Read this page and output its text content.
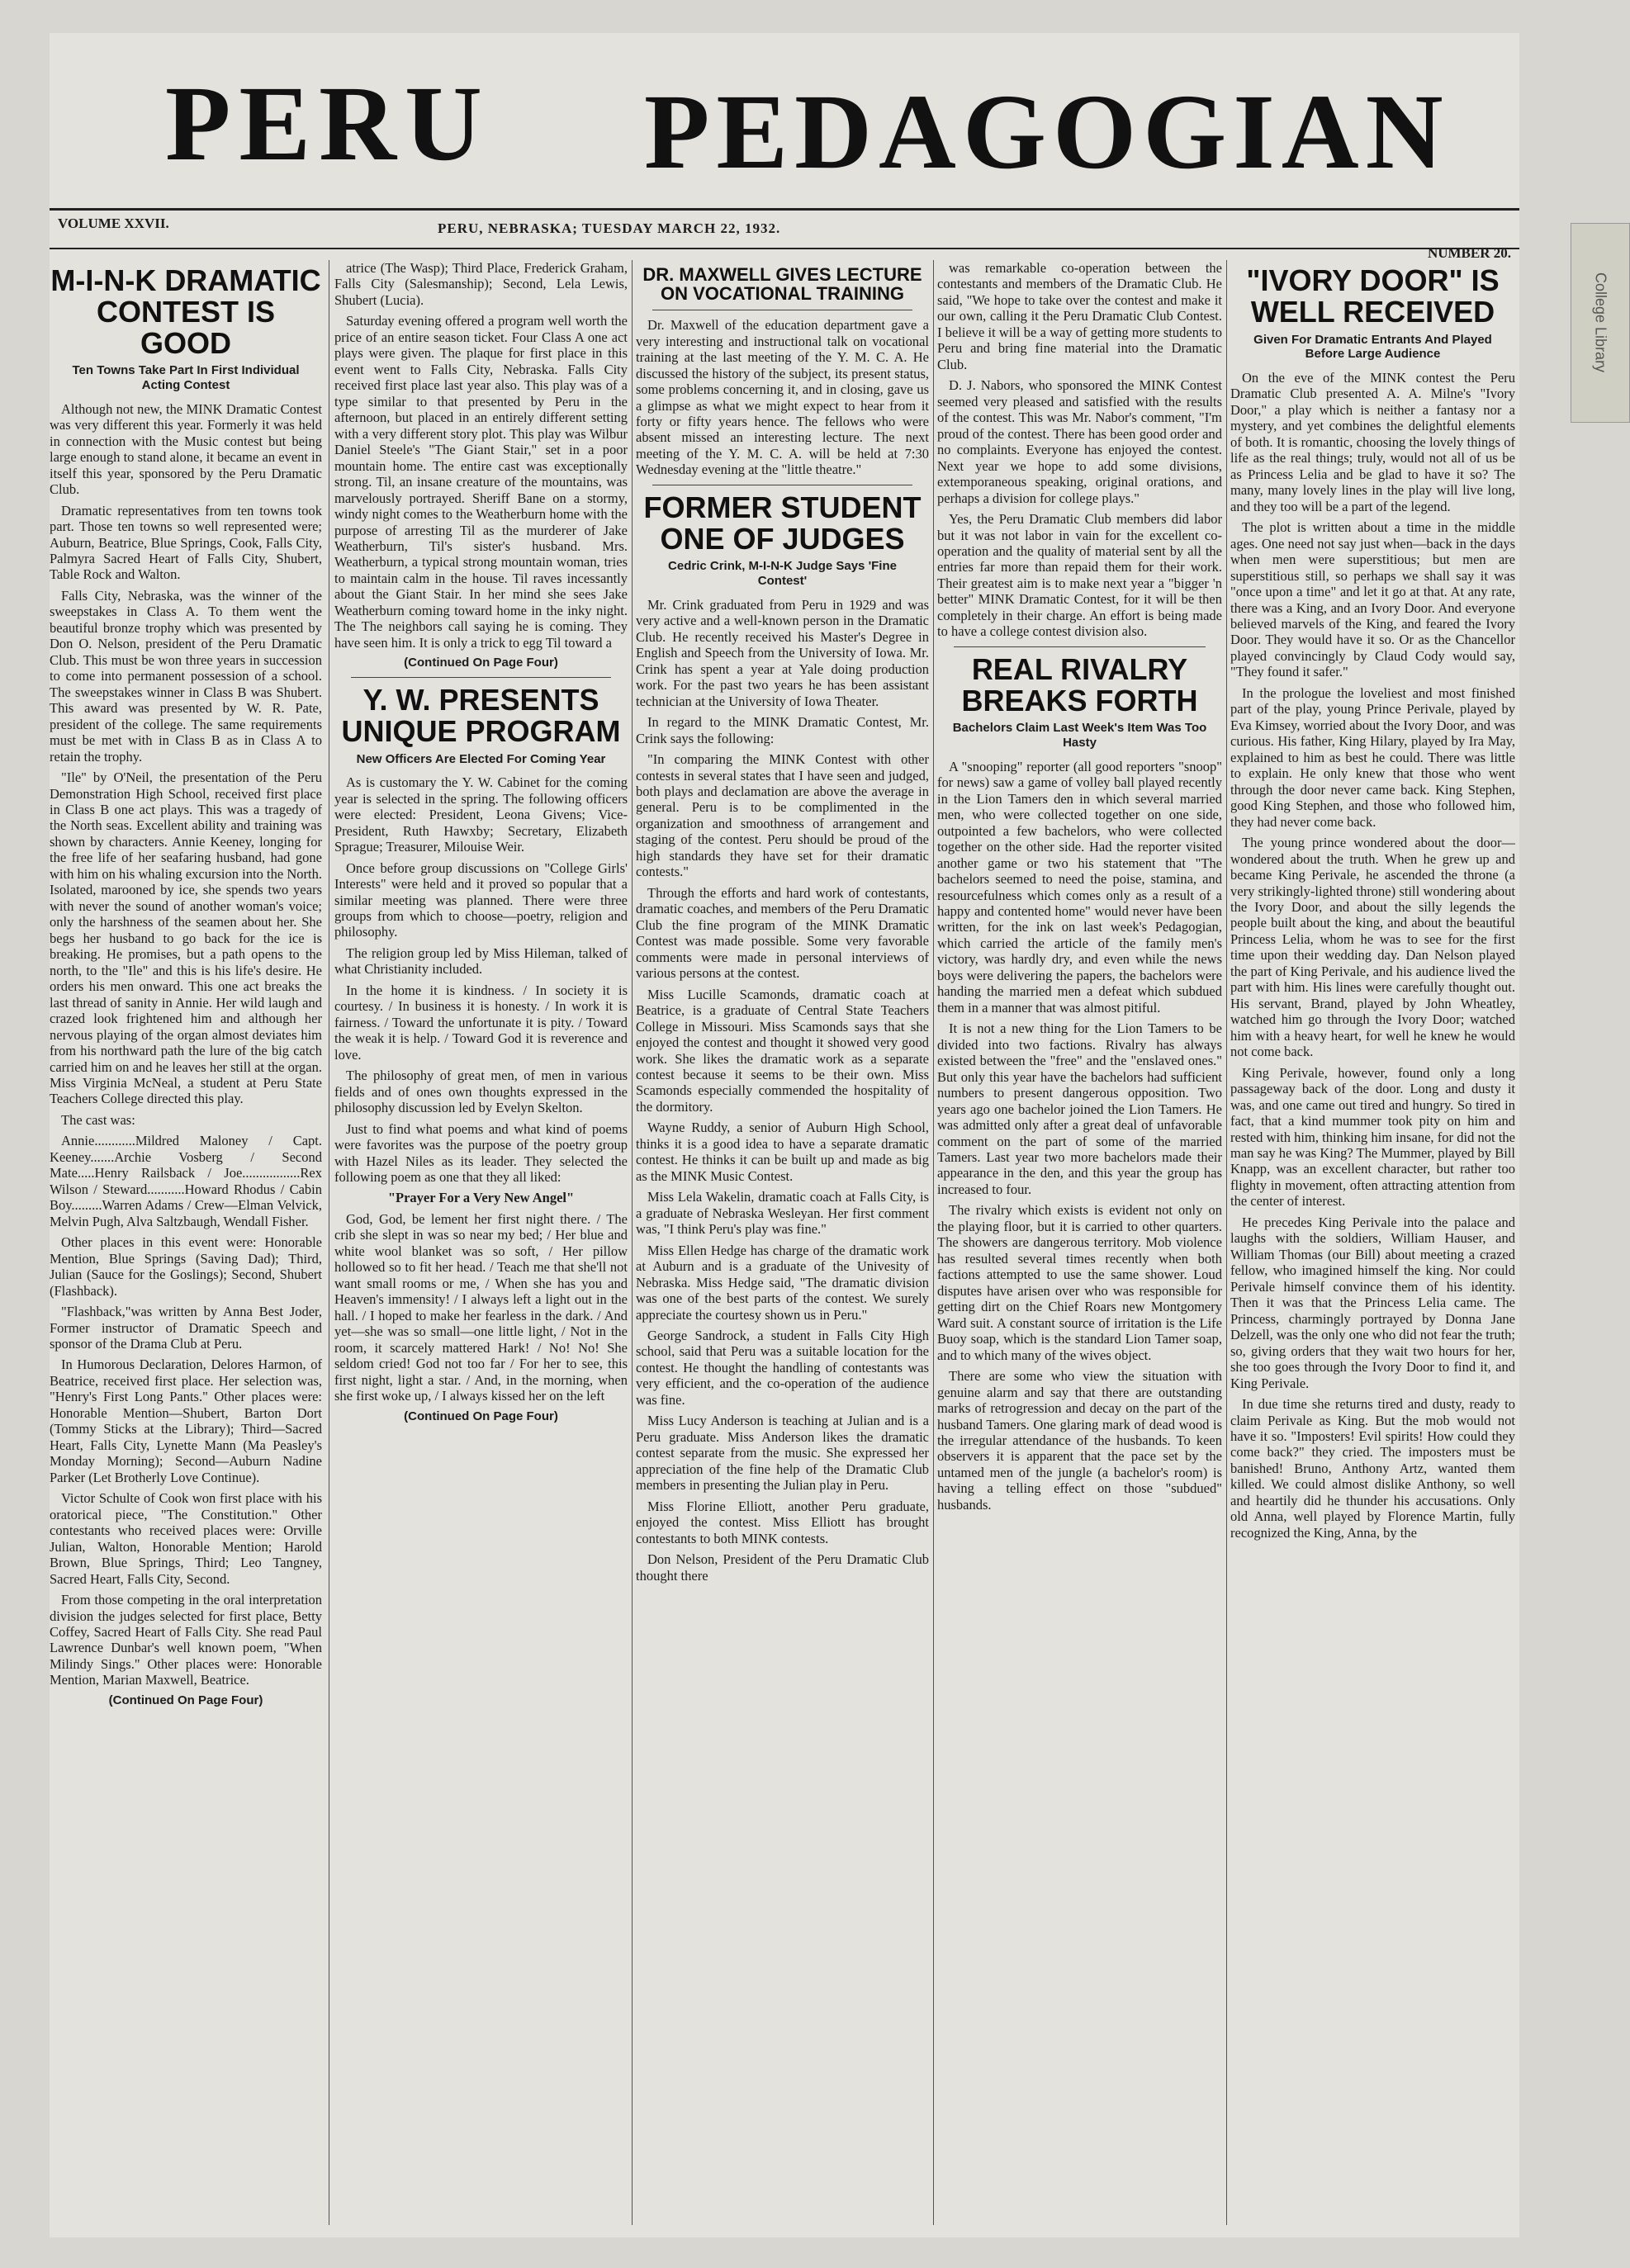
PERU PEDAGOGIAN
College Library
VOLUME XXVII.	PERU, NEBRASKA; TUESDAY MARCH 22, 1932.
NUMBER 20.
M-I-N-K DRAMATIC CONTEST IS GOOD
Ten Towns Take Part In First Individual Acting Contest

Although not new, the MINK Dramatic Contest was very different this year. Formerly it was held in connection with the Music contest but being large enough to stand alone, it became an event in itself this year, sponsored by the Peru Dramatic Club.

Dramatic representatives from ten towns took part. Those ten towns so well represented were; Auburn, Beatrice, Blue Springs, Cook, Falls City, Palmyra Sacred Heart of Falls City, Shubert, Table Rock and Walton.

Falls City, Nebraska, was the winner of the sweepstakes in Class A. To them went the beautiful bronze trophy which was presented by Don O. Nelson, president of the Peru Dramatic Club. This must be won three years in succession to come into permanent possession of a school. The sweepstakes winner in Class B was Shubert. This award was presented by W. R. Pate, president of the college. The same requirements must be met with in Class B as in Class A to retain the trophy.

"Ile" by O'Neil, the presentation of the Peru Demonstration High School, received first place in Class B one act plays. This was a tragedy of the North seas. Excellent ability and training was shown by characters. Annie Keeney, longing for the free life of her seafaring husband, had gone with him on his whaling excursion into the North. Isolated, marooned by ice, she spends two years with never the sound of another woman's voice; only the harshness of the seamen about her. She begs her husband to go back for the ice is breaking. He promises, but a path opens to the north, to the "Ile" and this is his life's desire. He orders his men onward. This one act breaks the last thread of sanity in Annie. Her wild laugh and crazed look frightened him and although her nervous playing of the organ almost deviates him from his northward path the lure of the big catch carried him on and he leaves her still at the organ. Miss Virginia McNeal, a student at Peru State Teachers College directed this play.

The cast was:

Annie............Mildred Maloney / Capt. Keeney.......Archie Vosberg / Second Mate.....Henry Railsback / Joe.................Rex Wilson / Steward...........Howard Rhodus / Cabin Boy.........Warren Adams / Crew—Elman Velvick, Melvin Pugh, Alva Saltzbaugh, Wendall Fisher.

Other places in this event were: Honorable Mention, Blue Springs (Saving Dad); Third, Julian (Sauce for the Goslings); Second, Shubert (Flashback).

"Flashback,"was written by Anna Best Joder, Former instructor of Dramatic Speech and sponsor of the Drama Club at Peru.

In Humorous Declaration, Delores Harmon, of Beatrice, received first place. Her selection was, "Henry's First Long Pants." Other places were: Honorable Mention—Shubert, Barton Dort (Tommy Sticks at the Library); Third—Sacred Heart, Falls City, Lynette Mann (Ma Peasley's Monday Morning); Second—Auburn Nadine Parker (Let Brotherly Love Continue).

Victor Schulte of Cook won first place with his oratorical piece, "The Constitution." Other contestants who received places were: Orville Julian, Walton, Honorable Mention; Harold Brown, Blue Springs, Third; Leo Tangney, Sacred Heart, Falls City, Second.

From those competing in the oral interpretation division the judges selected for first place, Betty Coffey, Sacred Heart of Falls City. She read Paul Lawrence Dunbar's well known poem, "When Milindy Sings." Other places were: Honorable Mention, Marian Maxwell, Beatrice.

(Continued On Page Four)

atrice (The Wasp); Third Place, Frederick Graham, Falls City (Salesmanship); Second, Lela Lewis, Shubert (Lucia).

Saturday evening offered a program well worth the price of an entire season ticket. Four Class A one act plays were given. The plaque for first place in this event went to Falls City, Nebraska. Falls City received first place last year also. This play was of a type similar to that presented by Peru in the afternoon, but placed in an entirely different setting with a very different story plot. This play was Wilbur Daniel Steele's "The Giant Stair," set in a poor mountain home. The entire cast was exceptionally strong. Til, an insane creature of the mountains, was marvelously portrayed. Sheriff Bane on a stormy, windy night comes to the Weatherburn home with the purpose of arresting Til as the murderer of Jake Weatherburn, Til's sister's husband. Mrs. Weatherburn, a typical strong mountain woman, tries to maintain calm in the house. Til raves incessantly about the Giant Stair. In her mind she sees Jake Weatherburn coming toward home in the inky night. The The neighbors call saying he is coming. They have seen him. It is only a trick to egg Til toward a

(Continued On Page Four)
Y. W. PRESENTS UNIQUE PROGRAM
New Officers Are Elected For Coming Year

As is customary the Y. W. Cabinet for the coming year is selected in the spring. The following officers were elected: President, Leona Givens; Vice-President, Ruth Hawxby; Secretary, Elizabeth Sprague; Treasurer, Milouise Weir.

Once before group discussions on "College Girls' Interests" were held and it proved so popular that a similar meeting was planned. There were three groups from which to choose—poetry, religion and philosophy.

The religion group led by Miss Hileman, talked of what Christianity included.

In the home it is kindness. / In society it is courtesy. / In business it is honesty. / In work it is fairness. / Toward the unfortunate it is pity. / Toward the weak it is help. / Toward God it is reverence and love.

The philosophy of great men, of men in various fields and of ones own thoughts expressed in the philosophy discussion led by Evelyn Skelton.

Just to find what poems and what kind of poems were favorites was the purpose of the poetry group with Hazel Niles as its leader. They selected the following poem as one that they all liked:

"Prayer For a Very New Angel"

God, God, be lement her first night there. / The crib she slept in was so near my bed; / Her blue and white wool blanket was so soft, / Her pillow hollowed so to fit her head. / Teach me that she'll not want small rooms or me, / When she has you and Heaven's immensity! / I always left a light out in the hall. / I hoped to make her fearless in the dark. / And yet—she was so small—one little light, / Not in the room, it scarcely mattered Hark! / No! No! She seldom cried! God not too far / For her to see, this first night, light a star. / And, in the morning, when she first woke up, / I always kissed her on the left

(Continued On Page Four)
DR. MAXWELL GIVES LECTURE ON VOCATIONAL TRAINING

Dr. Maxwell of the education department gave a very interesting and instructional talk on vocational training at the last meeting of the Y. M. C. A. He discussed the history of the subject, its present status, some problems concerning it, and in closing, gave us a glimpse as what we might expect to hear from it forty or fifty years hence. The fellows who were absent missed an interesting lecture. The next meeting of the Y. M. C. A. will be held at 7:30 Wednesday evening at the "little theatre."

FORMER STUDENT ONE OF JUDGES
Cedric Crink, M-I-N-K Judge Says 'Fine Contest'

Mr. Crink graduated from Peru in 1929 and was very active and a well-known person in the Dramatic Club. He recently received his Master's Degree in English and Speech from the University of Iowa. Mr. Crink has spent a year at Yale doing production work. For the past two years he has been assistant technician at the University of Iowa Theater.

In regard to the MINK Dramatic Contest, Mr. Crink says the following:

"In comparing the MINK Contest with other contests in several states that I have seen and judged, both plays and declamation are above the average in general. Peru is to be complimented in the organization and smoothness of arrangement and staging of the contest. Peru should be proud of the high standards they have set for their dramatic contests."

Through the efforts and hard work of contestants, dramatic coaches, and members of the Peru Dramatic Club the fine program of the MINK Dramatic Contest was made possible. Some very favorable comments were made in personal interviews of various persons at the contest.

Miss Lucille Scamonds, dramatic coach at Beatrice, is a graduate of Central State Teachers College in Missouri. Miss Scamonds says that she enjoyed the contest and thought it showed very good work. She likes the dramatic work as a separate contest because it seems to be their own. Miss Scamonds especially commended the hospitality of the dormitory.

Wayne Ruddy, a senior of Auburn High School, thinks it is a good idea to have a separate dramatic contest. He thinks it can be built up and made as big as the MINK Music Contest.

Miss Lela Wakelin, dramatic coach at Falls City, is a graduate of Nebraska Wesleyan. Her first comment was, "I think Peru's play was fine."

Miss Ellen Hedge has charge of the dramatic work at Auburn and is a graduate of the Univesity of Nebraska. Miss Hedge said, "The dramatic division was one of the best parts of the contest. We surely appreciate the courtesy shown us in Peru."

George Sandrock, a student in Falls City High school, said that Peru was a suitable location for the contest. He thought the handling of contestants was very efficient, and the co-operation of the audience was fine.

Miss Lucy Anderson is teaching at Julian and is a Peru graduate. Miss Anderson likes the dramatic contest separate from the music. She expressed her appreciation of the fine help of the Dramatic Club members in presenting the Julian play in Peru.

Miss Florine Elliott, another Peru graduate, enjoyed the contest. Miss Elliott has brought contestants to both MINK contests.

Don Nelson, President of the Peru Dramatic Club thought there

was remarkable co-operation between the contestants and members of the Dramatic Club. He said, "We hope to take over the contest and make it our own, calling it the Peru Dramatic Club Contest. I believe it will be a way of getting more students to Peru and bring fine material into the Dramatic Club.

D. J. Nabors, who sponsored the MINK Contest seemed very pleased and satisfied with the results of the contest. This was Mr. Nabor's comment, "I'm proud of the contest. There has been good order and no complaints. Everyone has enjoyed the contest. Next year we hope to add some divisions, extemporaneous speaking, original orations, and perhaps a division for college plays."

Yes, the Peru Dramatic Club members did labor but it was not labor in vain for the excellent co-operation and the quality of material sent by all the entries far more than repaid them for their work. Their greatest aim is to make next year a "bigger 'n better" MINK Dramatic Contest, for it will be then completely in their charge. An effort is being made to have a college contest division also.

REAL RIVALRY BREAKS FORTH
Bachelors Claim Last Week's Item Was Too Hasty

A "snooping" reporter (all good reporters "snoop" for news) saw a game of volley ball played recently in the Lion Tamers den in which several married men, who were collected together on one side, outpointed a few bachelors, who were collected together on the other side. Had the reporter visited another game or two his statement that "The bachelors seemed to need the poise, stamina, and resourcefulness which comes only as a result of a happy and contented home" would never have been written, for the ink on last week's Pedagogian, which carried the article of the family men's victory, was hardly dry, and even while the news boys were delivering the papers, the bachelors were handing the married men a defeat which subdued them in a manner that was almost pitiful.

It is not a new thing for the Lion Tamers to be divided into two factions. Rivalry has always existed between the "free" and the "enslaved ones." But only this year have the bachelors had sufficient numbers to present dangerous opposition. Two years ago one bachelor joined the Lion Tamers. He was admitted only after a great deal of unfavorable comment on the part of some of the married Tamers. Last year two more bachelors made their appearance in the den, and this year the group has increased to four.

The rivalry which exists is evident not only on the playing floor, but it is carried to other quarters. The showers are dangerous territory. Mob violence has resulted several times recently when both factions attempted to use the same shower. Loud disputes have arisen over who was responsible for getting dirt on the Chief Roars new Montgomery Ward suit. A constant source of irritation is the Life Buoy soap, which is the standard Lion Tamer soap, and to which many of the wives object.

There are some who view the situation with genuine alarm and say that there are outstanding marks of retrogression and decay on the part of the husband Tamers. One glaring mark of dead wood is the irregular attendance of the husbands. To keen observers it is apparent that the pace set by the untamed men of the jungle (a bachelor's room) is having a telling effect on those "subdued" husbands.

"IVORY DOOR" IS WELL RECEIVED
Given For Dramatic Entrants And Played Before Large Audience

On the eve of the MINK contest the Peru Dramatic Club presented A. A. Milne's "Ivory Door," a play which is neither a fantasy nor a mystery, and yet combines the delightful elements of both. It is romantic, choosing the lovely things of life as the real things; truly, would not all of us be as Princess Lelia and be glad to have it so? The many, many lovely lines in the play will live long, and they too will be a part of the legend.

The plot is written about a time in the middle ages. One need not say just when—back in the days when men were superstitious; but men are superstitious still, so perhaps we shall say it was "once upon a time" and let it go at that. At any rate, there was a King, and an Ivory Door. And everyone believed marvels of the King, and feared the Ivory Door. They would have it so. Or as the Chancellor played convincingly by Claud Cody would say, "They found it safer."

In the prologue the loveliest and most finished part of the play, young Prince Perivale, played by Eva Kimsey, worried about the Ivory Door, and was curious. His father, King Hilary, played by Ira May, explained to him as best he could. There was little to explain. He only knew that those who went through the door never came back. King Stephen, good King Stephen, and those who followed him, they had never come back.

The young prince wondered about the door—wondered about the truth. When he grew up and became King Perivale, he ascended the throne (a very strikingly-lighted throne) still wondering about the Ivory Door, and about the silly legends the people built about the king, and about the beautiful Princess Lelia, whom he was to see for the first time upon their wedding day. Dan Nelson played the part of King Perivale, and his audience lived the part with him. His lines were carefully thought out. His servant, Brand, played by John Wheatley, watched him go through the Ivory Door; watched him with a heavy heart, for well he knew he would not come back.

King Perivale, however, found only a long passageway back of the door. Long and dusty it was, and one came out tired and hungry. So tired in fact, that a kind mummer took pity on him and rested with him, thinking him insane, for did not the man say he was King? The Mummer, played by Bill Knapp, was an excellent character, but rather too flighty in movement, often attracting attention from the center of interest.

He precedes King Perivale into the palace and laughs with the soldiers, William Hauser, and William Thomas (our Bill) about meeting a crazed fellow, who imagined himself the king. Nor could Perivale himself convince them of his identity. Then it was that the Princess Lelia came. The Princess, charmingly portrayed by Donna Jane Delzell, was the only one who did not fear the truth; so, giving orders that they wait two hours for her, she too goes through the Ivory Door to find it, and King Perivale.

In due time she returns tired and dusty, ready to claim Perivale as King. But the mob would not have it so. "Imposters! Evil spirits! How could they come back?" they cried. The imposters must be banished! Bruno, Anthony Artz, wanted them killed. We could almost dislike Anthony, so well and heartily did he thunder his accusations. Only old Anna, well played by Florence Martin, fully recognized the King, Anna, by the
